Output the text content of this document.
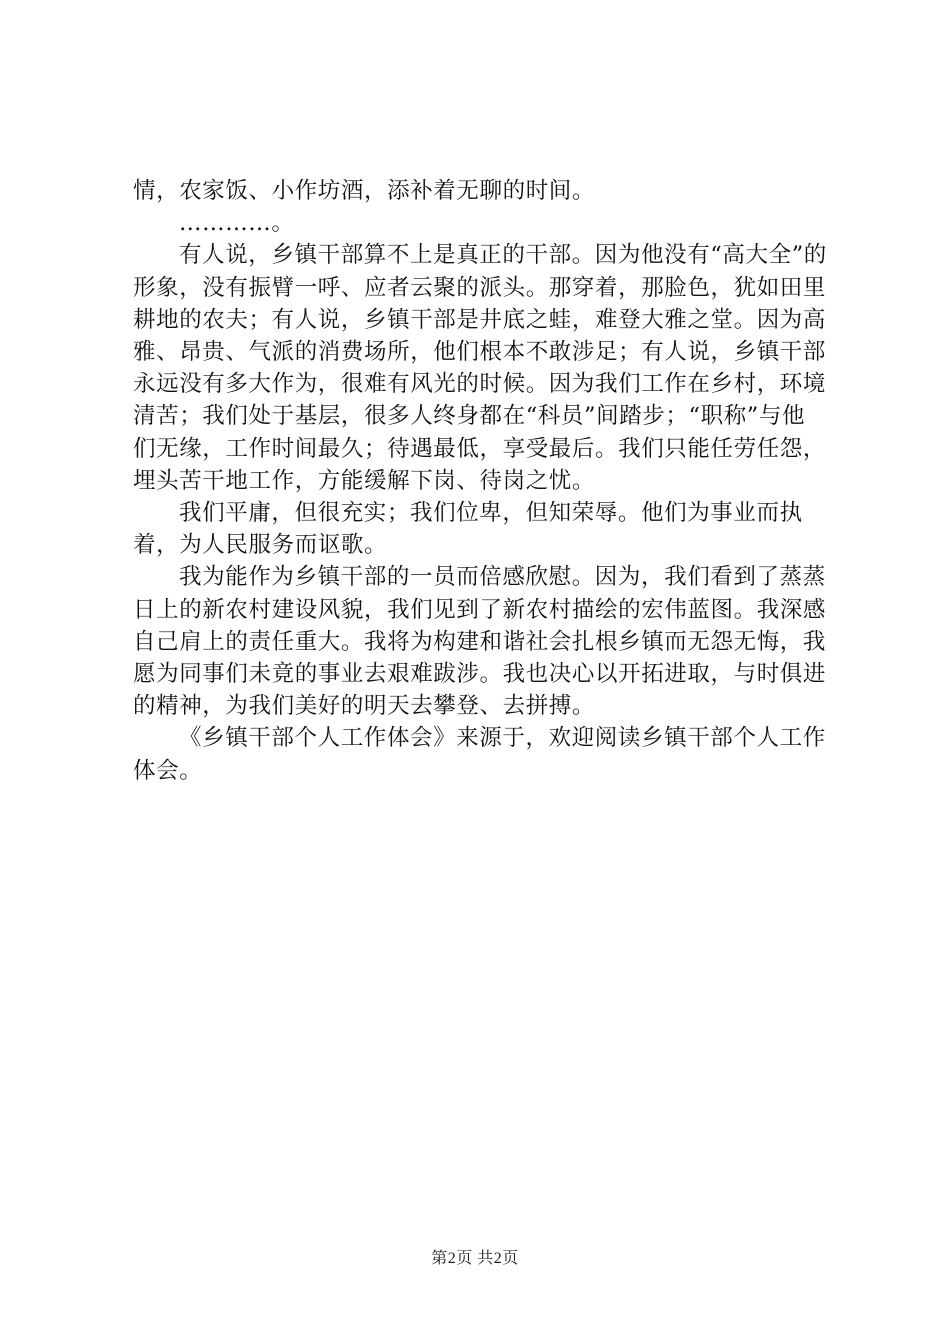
情，农家饭、小作坊酒，添补着无聊的时间。

…………。

有人说，乡镇干部算不上是真正的干部。因为他没有“高大全”的形象，没有振臂一呼、应者云聚的派头。那穿着，那脸色，犹如田里耕地的农夫；有人说，乡镇干部是井底之蛙，难登大雅之堂。因为高雅、昂贵、气派的消费场所，他们根本不敢涉足；有人说，乡镇干部永远没有多大作为，很难有风光的时候。因为我们工作在乡村，环境清苦；我们处于基层，很多人终身都在“科员”间踏步；“职称”与他们无缘，工作时间最久；待遇最低，享受最后。我们只能任劳任怨，埋头苦干地工作，方能缓解下岗、待岗之忧。

我们平庸，但很充实；我们位卑，但知荣辱。他们为事业而执着，为人民服务而讴歌。

我为能作为乡镇干部的一员而倍感欣慰。因为，我们看到了蒸蒸日上的新农村建设风貌，我们见到了新农村描绘的宏伟蓝图。我深感自己肩上的责任重大。我将为构建和谐社会扎根乡镇而无怨无悔，我愿为同事们未竟的事业去艰难跋涉。我也决心以开拓进取，与时俱进的精神，为我们美好的明天去攀登、去拼搏。

《乡镇干部个人工作体会》来源于，欢迎阅读乡镇干部个人工作体会。

第2页 共2页
